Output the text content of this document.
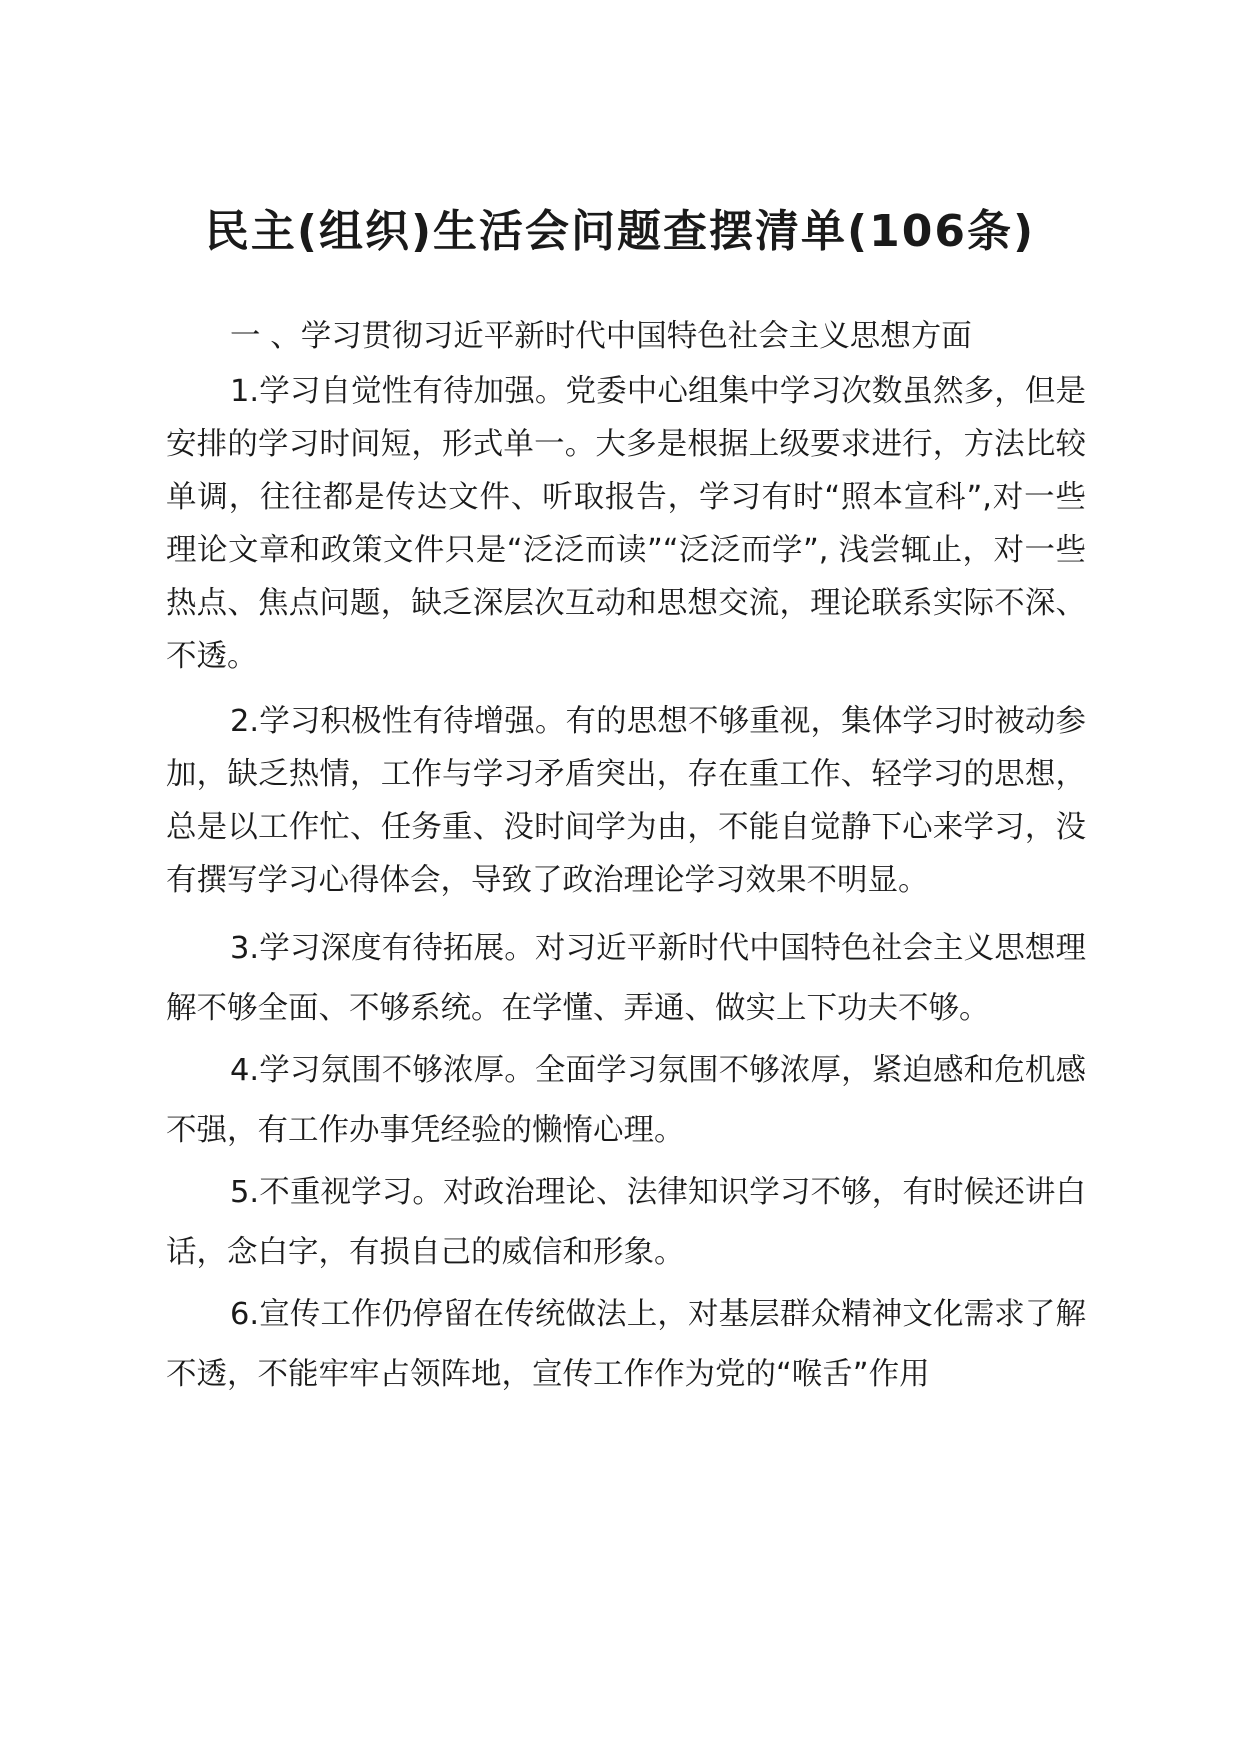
民主(组织)生活会问题查摆清单(106条)

一 、学习贯彻习近平新时代中国特色社会主义思想方面

1.学习自觉性有待加强。党委中心组集中学习次数虽然多，但是安排的学习时间短，形式单一。大多是根据上级要求进行，方法比较单调，往往都是传达文件、听取报告，学习有时“照本宣科”,对一些理论文章和政策文件只是“泛泛而读”“泛泛而学”, 浅尝辄止，对一些热点、焦点问题，缺乏深层次互动和思想交流，理论联系实际不深、不透。

2.学习积极性有待增强。有的思想不够重视，集体学习时被动参加，缺乏热情，工作与学习矛盾突出，存在重工作、轻学习的思想，总是以工作忙、任务重、没时间学为由，不能自觉静下心来学习，没有撰写学习心得体会，导致了政治理论学习效果不明显。

3.学习深度有待拓展。对习近平新时代中国特色社会主义思想理解不够全面、不够系统。在学懂、弄通、做实上下功夫不够。

4.学习氛围不够浓厚。全面学习氛围不够浓厚，紧迫感和危机感不强，有工作办事凭经验的懒惰心理。

5.不重视学习。对政治理论、法律知识学习不够，有时候还讲白话，念白字，有损自己的威信和形象。

6.宣传工作仍停留在传统做法上，对基层群众精神文化需求了解不透，不能牢牢占领阵地，宣传工作作为党的“喉舌”作用
